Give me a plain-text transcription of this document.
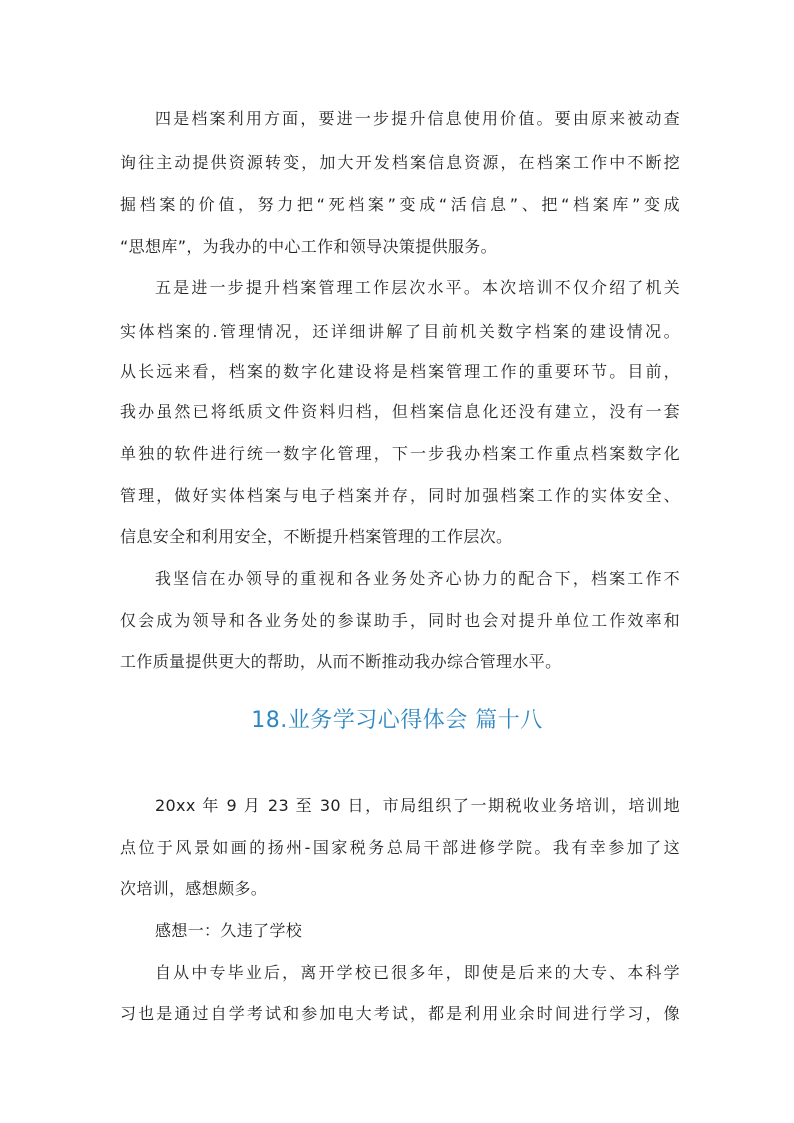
四是档案利用方面，要进一步提升信息使用价值。要由原来被动查
询往主动提供资源转变，加大开发档案信息资源，在档案工作中不断挖
掘档案的价值，努力把“死档案”变成“活信息”、把“档案库”变成
“思想库”，为我办的中心工作和领导决策提供服务。
五是进一步提升档案管理工作层次水平。本次培训不仅介绍了机关
实体档案的.管理情况，还详细讲解了目前机关数字档案的建设情况。
从长远来看，档案的数字化建设将是档案管理工作的重要环节。目前，
我办虽然已将纸质文件资料归档，但档案信息化还没有建立，没有一套
单独的软件进行统一数字化管理，下一步我办档案工作重点档案数字化
管理，做好实体档案与电子档案并存，同时加强档案工作的实体安全、
信息安全和利用安全，不断提升档案管理的工作层次。
我坚信在办领导的重视和各业务处齐心协力的配合下，档案工作不
仅会成为领导和各业务处的参谋助手，同时也会对提升单位工作效率和
工作质量提供更大的帮助，从而不断推动我办综合管理水平。
18.业务学习心得体会 篇十八
20xx 年 9 月 23 至 30 日，市局组织了一期税收业务培训，培训地
点位于风景如画的扬州-国家税务总局干部进修学院。我有幸参加了这
次培训，感想颇多。
感想一：久违了学校
自从中专毕业后，离开学校已很多年，即使是后来的大专、本科学
习也是通过自学考试和参加电大考试，都是利用业余时间进行学习，像
